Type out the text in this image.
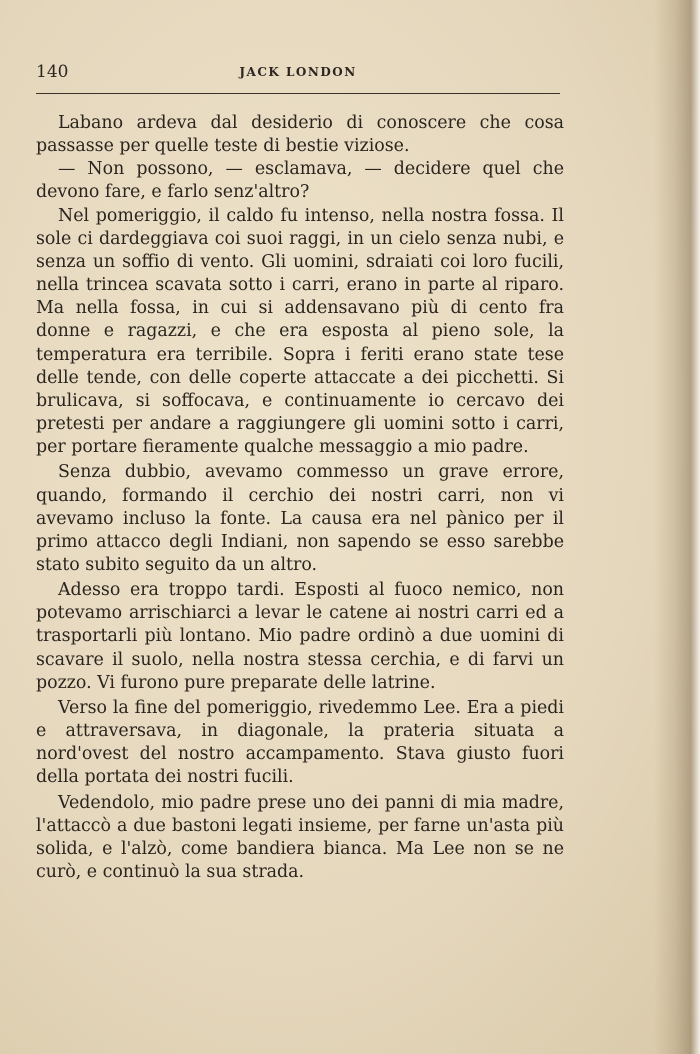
140	JACK LONDON

Labano ardeva dal desiderio di conoscere che cosa passasse per quelle teste di bestie viziose.

— Non possono, — esclamava, — decidere quel che devono fare, e farlo senz'altro?

Nel pomeriggio, il caldo fu intenso, nella nostra fossa. Il sole ci dardeggiava coi suoi raggi, in un cielo senza nubi, e senza un soffio di vento. Gli uomini, sdraiati coi loro fucili, nella trincea scavata sotto i carri, erano in parte al riparo. Ma nella fossa, in cui si addensavano più di cento fra donne e ragazzi, e che era esposta al pieno sole, la temperatura era terribile. Sopra i feriti erano state tese delle tende, con delle coperte attaccate a dei picchetti. Si brulicava, si soffocava, e continuamente io cercavo dei pretesti per andare a raggiungere gli uomini sotto i carri, per portare fieramente qualche messaggio a mio padre.

Senza dubbio, avevamo commesso un grave errore, quando, formando il cerchio dei nostri carri, non vi avevamo incluso la fonte. La causa era nel pànico per il primo attacco degli Indiani, non sapendo se esso sarebbe stato subito seguito da un altro.

Adesso era troppo tardi. Esposti al fuoco nemico, non potevamo arrischiarci a levar le catene ai nostri carri ed a trasportarli più lontano. Mio padre ordinò a due uomini di scavare il suolo, nella nostra stessa cerchia, e di farvi un pozzo. Vi furono pure preparate delle latrine.

Verso la fine del pomeriggio, rivedemmo Lee. Era a piedi e attraversava, in diagonale, la prateria situata a nord'ovest del nostro accampamento. Stava giusto fuori della portata dei nostri fucili.

Vedendolo, mio padre prese uno dei panni di mia madre, l'attaccò a due bastoni legati insieme, per farne un'asta più solida, e l'alzò, come bandiera bianca. Ma Lee non se ne curò, e continuò la sua strada.
